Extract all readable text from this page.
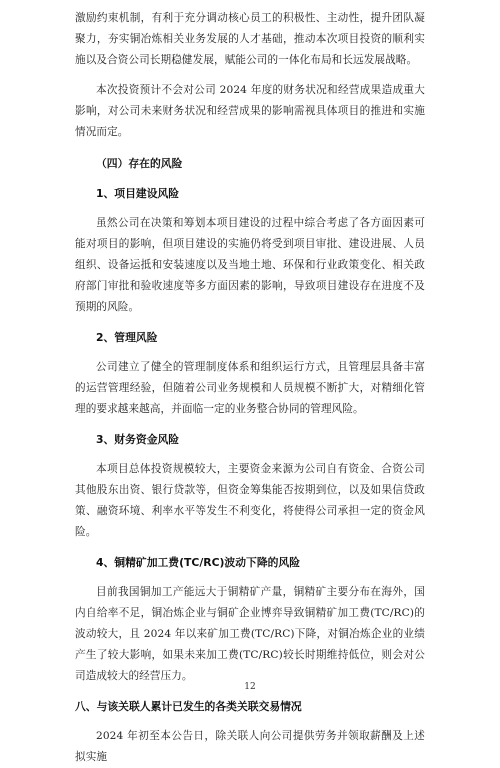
激励约束机制，有利于充分调动核心员工的积极性、主动性，提升团队凝聚力，夯实铜冶炼相关业务发展的人才基础，推动本次项目投资的顺利实施以及合资公司长期稳健发展，赋能公司的一体化布局和长远发展战略。

本次投资预计不会对公司 2024 年度的财务状况和经营成果造成重大影响，对公司未来财务状况和经营成果的影响需视具体项目的推进和实施情况而定。

（四）存在的风险
1、项目建设风险

虽然公司在决策和筹划本项目建设的过程中综合考虑了各方面因素可能对项目的影响，但项目建设的实施仍将受到项目审批、建设进展、人员组织、设备运抵和安装速度以及当地土地、环保和行业政策变化、相关政府部门审批和验收速度等多方面因素的影响，导致项目建设存在进度不及预期的风险。

2、管理风险

公司建立了健全的管理制度体系和组织运行方式，且管理层具备丰富的运营管理经验，但随着公司业务规模和人员规模不断扩大，对精细化管理的要求越来越高，并面临一定的业务整合协同的管理风险。

3、财务资金风险

本项目总体投资规模较大，主要资金来源为公司自有资金、合资公司其他股东出资、银行贷款等，但资金筹集能否按期到位，以及如果信贷政策、融资环境、利率水平等发生不利变化，将使得公司承担一定的资金风险。

4、铜精矿加工费(TC/RC)波动下降的风险

目前我国铜加工产能远大于铜精矿产量，铜精矿主要分布在海外，国内自给率不足，铜冶炼企业与铜矿企业博弈导致铜精矿加工费(TC/RC)的波动较大，且 2024 年以来矿加工费(TC/RC)下降，对铜冶炼企业的业绩产生了较大影响，如果未来加工费(TC/RC)较长时期维持低位，则会对公司造成较大的经营压力。

八、与该关联人累计已发生的各类关联交易情况

2024 年初至本公告日，除关联人向公司提供劳务并领取薪酬及上述拟实施

12
